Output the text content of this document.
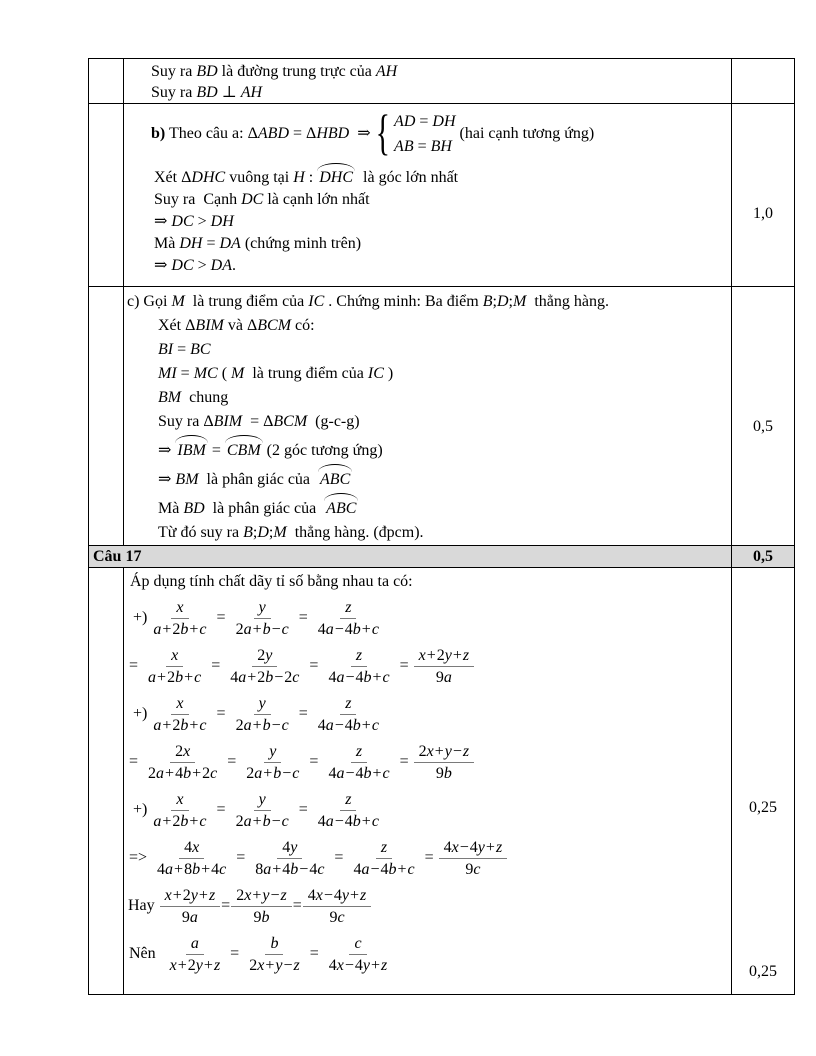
Suy ra BD là đường trung trực của AH
Suy ra BD ⊥ AH
b) Theo câu a: ΔABD = ΔHBD ⇒ { AD = DH
AB = BH
(hai cạnh tương ứng)
Xét ΔDHC vuông tại H : DHC  là góc lớn nhất
Suy ra  Cạnh DC là cạnh lớn nhất
⇒ DC > DH
Mà DH = DA (chứng minh trên)
⇒ DC > DA.
1,0
c) Gọi M  là trung điểm của IC . Chứng minh: Ba điểm B;D;M  thẳng hàng.
Xét ΔBIM và ΔBCM có:
BI = BC
MI = MC ( M  là trung điểm của IC )
BM  chung
Suy ra ΔBIM = ΔBCM  (g-c-g)
⇒ IBM = CBM (2 góc tương ứng)
⇒ BM  là phân giác của  ABC
Mà BD  là phân giác của  ABC
Từ đó suy ra B;D;M  thẳng hàng. (đpcm).
0,5
Câu 17	0,5
Áp dụng tính chất dãy tỉ số bằng nhau ta có:
+) $\frac{x}{a+2b+c} = \frac{y}{2a+b-c} = \frac{z}{4a-4b+c}$
= $\frac{x}{a+2b+c} = \frac{2y}{4a+2b-2c} = \frac{z}{4a-4b+c} = \frac{x+2y+z}{9a}$
+) $\frac{x}{a+2b+c} = \frac{y}{2a+b-c} = \frac{z}{4a-4b+c}$
= $\frac{2x}{2a+4b+2c} = \frac{y}{2a+b-c} = \frac{z}{4a-4b+c} = \frac{2x+y-z}{9b}$
+) $\frac{x}{a+2b+c} = \frac{y}{2a+b-c} = \frac{z}{4a-4b+c}$
=> $\frac{4x}{4a+8b+4c} = \frac{4y}{8a+4b-4c} = \frac{z}{4a-4b+c} = \frac{4x-4y+z}{9c}$
Hay $\frac{x+2y+z}{9a} = \frac{2x+y-z}{9b} = \frac{4x-4y+z}{9c}$
Nên $\frac{a}{x+2y+z} = \frac{b}{2x+y-z} = \frac{c}{4x-4y+z}$
0,25
0,25
